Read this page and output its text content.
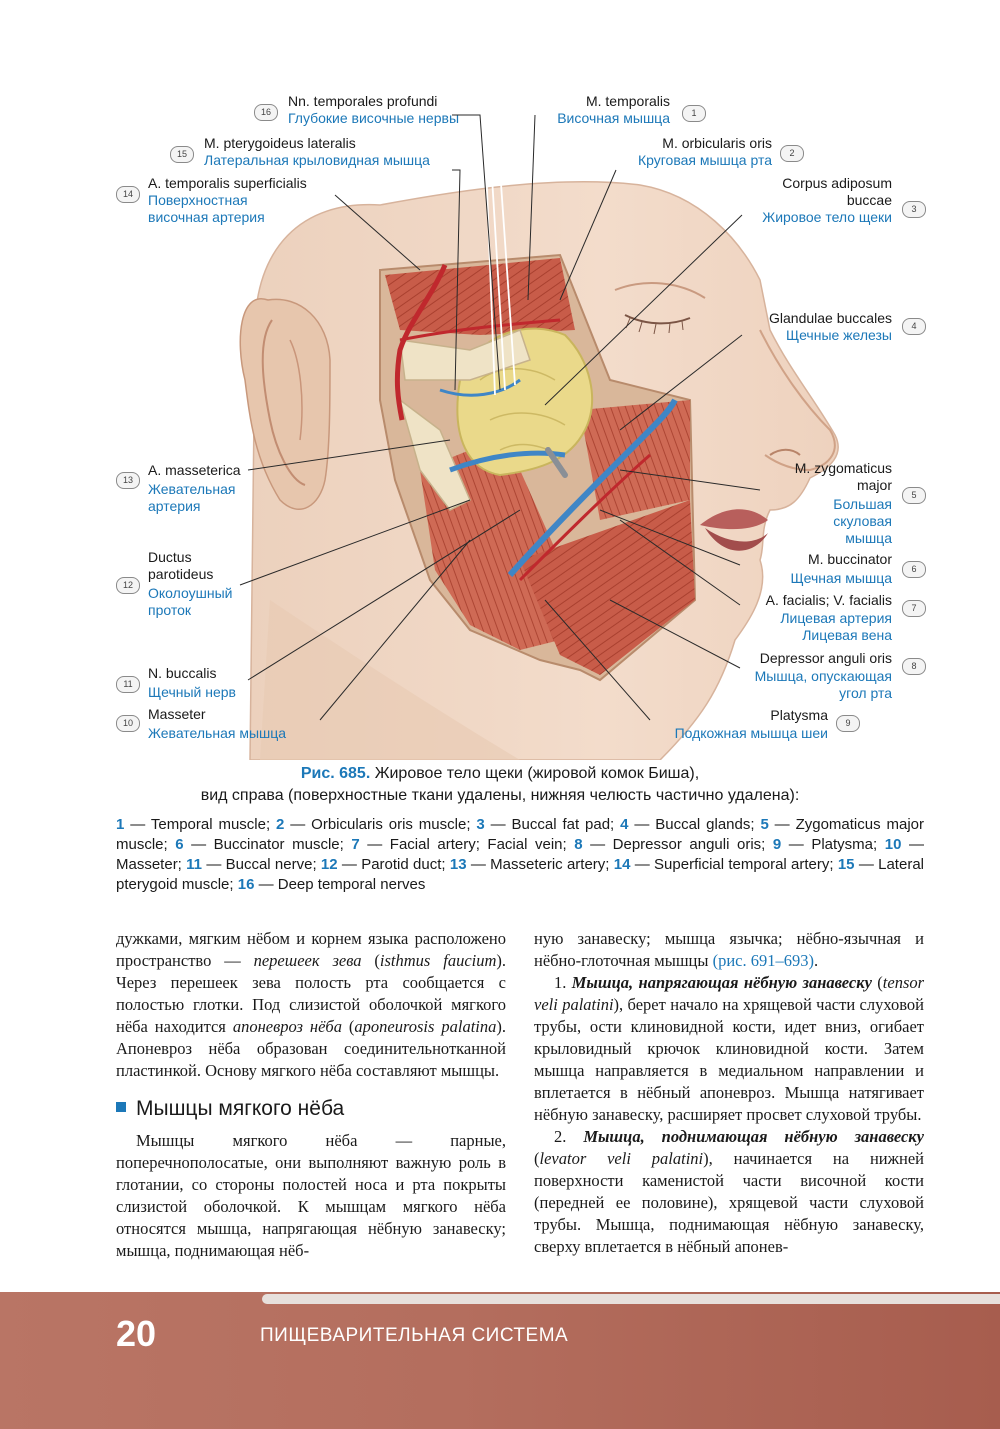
16
Nn. temporales profundi
Глубокие височные нервы
15
M. pterygoideus lateralis
Латеральная крыловидная мышца
14
A. temporalis superficialis
Поверхностная
височная артерия
M. temporalis
Височная мышца	1
M. orbicularis oris
Круговая мышца рта	2
Corpus adiposum
buccae
Жировое тело щеки	3
Glandulae buccales
Щечные железы
4
M. zygomaticus
major
Большая
скуловая
мышца
5
M. buccinator
Щечная мышца
6
A. facialis; V. facialis
Лицевая артерия
Лицевая вена
7
Depressor anguli oris
Мышца, опускающая
угол рта
8
Platysma
Подкожная мышца шеи
9
13
A. masseterica
Жевательная
артерия
12
Ductus
parotideus
Околоушный
проток
11
N. buccalis
Щечный нерв
10
Masseter
Жевательная мышца
Рис. 685. Жировое тело щеки (жировой комок Биша),
вид справа (поверхностные ткани удалены, нижняя челюсть частично удалена):
1 — Temporal muscle; 2 — Orbicularis oris muscle; 3 — Buccal fat pad; 4 — Buccal glands; 5 — Zygomaticus major muscle; 6 — Buccinator muscle; 7 — Facial artery; Facial vein; 8 — Depressor anguli oris; 9 — Platysma; 10 — Masseter; 11 — Buccal nerve; 12 — Parotid duct; 13 — Masseteric artery; 14 — Superficial temporal artery; 15 — Lateral pterygoid muscle; 16 — Deep temporal nerves

дужками, мягким нёбом и корнем языка расположено пространство — перешеек зева (isthmus faucium). Через перешеек зева полость рта сообщается с полостью глотки. Под слизистой оболочкой мягкого нёба находится апоневроз нёба (aponeurosis palatina). Апоневроз нёба образован соединительнотканной пластинкой. Основу мягкого нёба составляют мышцы.

Мышцы мягкого нёба

Мышцы мягкого нёба — парные, поперечнополосатые, они выполняют важную роль в глотании, со стороны полостей носа и рта покрыты слизистой оболочкой. К мышцам мягкого нёба относятся мышца, напрягающая нёбную занавеску; мышца, поднимающая нёб-

ную занавеску; мышца язычка; нёбно-язычная и нёбно-глоточная мышцы (рис. 691–693).

1. Мышца, напрягающая нёбную занавеску (tensor veli palatini), берет начало на хрящевой части слуховой трубы, ости клиновидной кости, идет вниз, огибает крыловидный крючок клиновидной кости. Затем мышца направляется в медиальном направлении и вплетается в нёбный апоневроз. Мышца натягивает нёбную занавеску, расширяет просвет слуховой трубы.

2. Мышца, поднимающая нёбную занавеску (levator veli palatini), начинается на нижней поверхности каменистой части височной кости (передней ее половине), хрящевой части слуховой трубы. Мышца, поднимающая нёбную занавеску, сверху вплетается в нёбный апонев-

20	ПИЩЕВАРИТЕЛЬНАЯ СИСТЕМА
